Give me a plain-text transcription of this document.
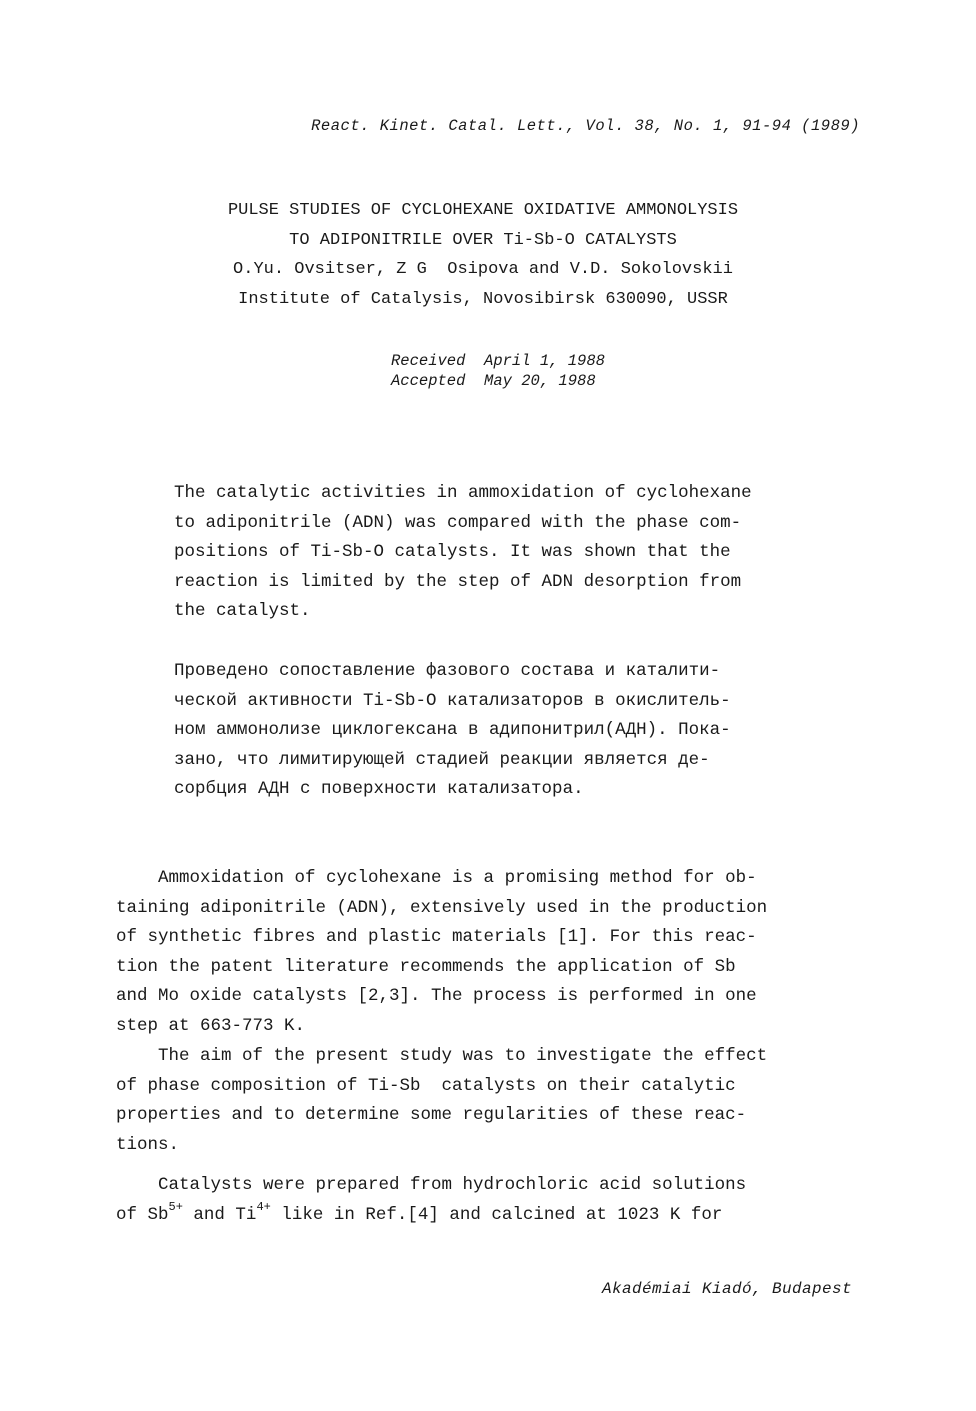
React. Kinet. Catal. Lett., Vol. 38, No. 1, 91-94 (1989)
PULSE STUDIES OF CYCLOHEXANE OXIDATIVE AMMONOLYSIS
TO ADIPONITRILE OVER Ti-Sb-O CATALYSTS
O.Yu. Ovsitser, Z G  Osipova and V.D. Sokolovskii
Institute of Catalysis, Novosibirsk 630090, USSR
Received  April 1, 1988
Accepted  May 20, 1988
The catalytic activities in ammoxidation of cyclohexane
to adiponitrile (ADN) was compared with the phase com-
positions of Ti-Sb-O catalysts. It was shown that the
reaction is limited by the step of ADN desorption from
the catalyst.
Проведено сопоставление фазового состава и каталити-
ческой активности Ti-Sb-O катализаторов в окислитель-
ном аммонолизе циклогексана в адипонитрил(АДН). Пока-
зано, что лимитирующей стадией реакции является де-
сорбция АДН с поверхности катализатора.
Ammoxidation of cyclohexane is a promising method for ob-
taining adiponitrile (ADN), extensively used in the production
of synthetic fibres and plastic materials [1]. For this reac-
tion the patent literature recommends the application of Sb
and Mo oxide catalysts [2,3]. The process is performed in one
step at 663-773 K.
The aim of the present study was to investigate the effect
of phase composition of Ti-Sb  catalysts on their catalytic
properties and to determine some regularities of these reac-
tions.
Catalysts were prepared from hydrochloric acid solutions
of $Sb^{5+}$ and $Ti^{4+}$ like in Ref.[4] and calcined at 1023 K for
Akadémiai Kiadó, Budapest
